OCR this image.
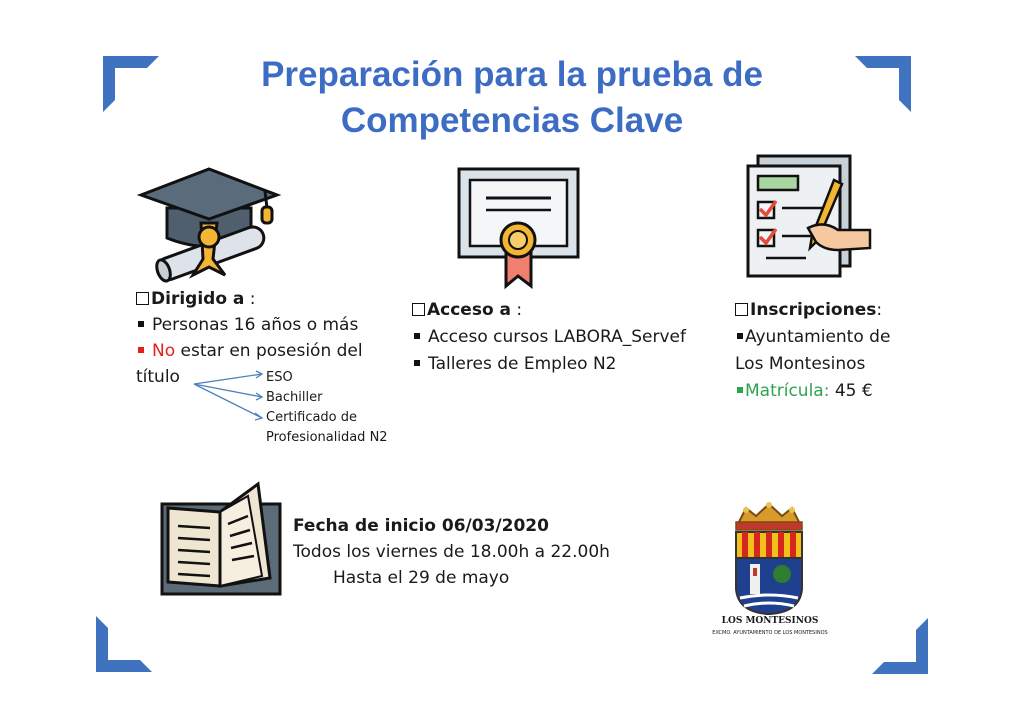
Preparación para la prueba de
Competencias Clave
Dirigido a :
Personas 16 años o más
No estar en posesión del
título	ESO
Bachiller
Certificado de
Profesionalidad N2
Acceso a :
Acceso cursos LABORA_Servef
Talleres de Empleo N2
Inscripciones:
Ayuntamiento de
Los Montesinos
Matrícula: 45 €
Fecha de inicio 06/03/2020
Todos los viernes de 18.00h a 22.00h
Hasta el 29 de mayo
LOS MONTESINOS
EXCMO. AYUNTAMIENTO DE LOS MONTESINOS
